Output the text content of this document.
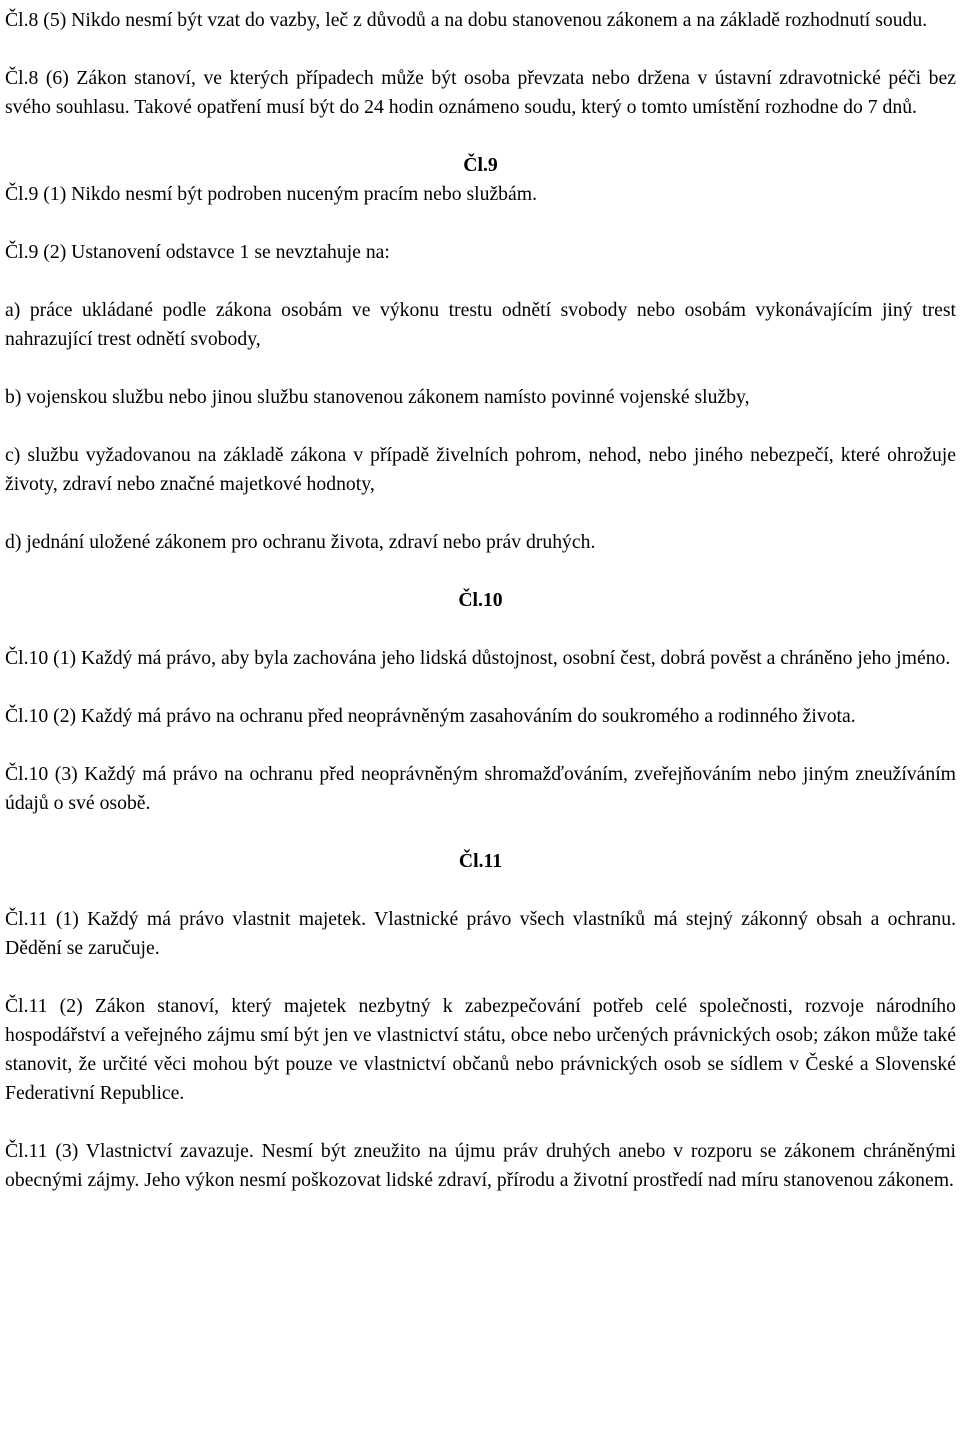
Čl.8 (5) Nikdo nesmí být vzat do vazby, leč z důvodů a na dobu stanovenou zákonem a na základě rozhodnutí soudu.

Čl.8 (6) Zákon stanoví, ve kterých případech může být osoba převzata nebo držena v ústavní zdravotnické péči bez svého souhlasu. Takové opatření musí být do 24 hodin oznámeno soudu, který o tomto umístění rozhodne do 7 dnů.

Čl.9

Čl.9 (1) Nikdo nesmí být podroben nuceným pracím nebo službám.

Čl.9 (2) Ustanovení odstavce 1 se nevztahuje na:

a) práce ukládané podle zákona osobám ve výkonu trestu odnětí svobody nebo osobám vykonávajícím jiný trest nahrazující trest odnětí svobody,

b) vojenskou službu nebo jinou službu stanovenou zákonem namísto povinné vojenské služby,

c) službu vyžadovanou na základě zákona v případě živelních pohrom, nehod, nebo jiného nebezpečí, které ohrožuje životy, zdraví nebo značné majetkové hodnoty,

d) jednání uložené zákonem pro ochranu života, zdraví nebo práv druhých.

Čl.10

Čl.10 (1) Každý má právo, aby byla zachována jeho lidská důstojnost, osobní čest, dobrá pověst a chráněno jeho jméno.

Čl.10 (2) Každý má právo na ochranu před neoprávněným zasahováním do soukromého a rodinného života.

Čl.10 (3) Každý má právo na ochranu před neoprávněným shromažďováním, zveřejňováním nebo jiným zneužíváním údajů o své osobě.

Čl.11

Čl.11 (1) Každý má právo vlastnit majetek. Vlastnické právo všech vlastníků má stejný zákonný obsah a ochranu. Dědění se zaručuje.

Čl.11 (2) Zákon stanoví, který majetek nezbytný k zabezpečování potřeb celé společnosti, rozvoje národního hospodářství a veřejného zájmu smí být jen ve vlastnictví státu, obce nebo určených právnických osob; zákon může také stanovit, že určité věci mohou být pouze ve vlastnictví občanů nebo právnických osob se sídlem v České a Slovenské Federativní Republice.

Čl.11 (3) Vlastnictví zavazuje. Nesmí být zneužito na újmu práv druhých anebo v rozporu se zákonem chráněnými obecnými zájmy. Jeho výkon nesmí poškozovat lidské zdraví, přírodu a životní prostředí nad míru stanovenou zákonem.
